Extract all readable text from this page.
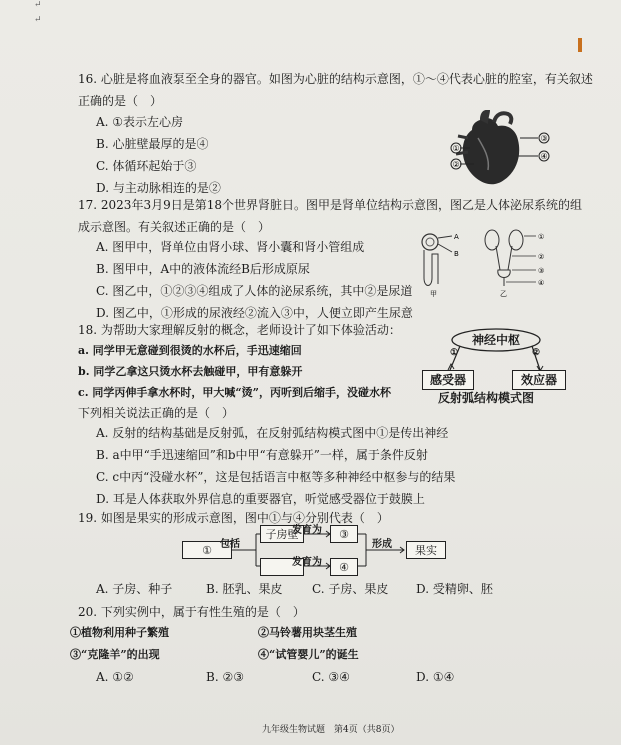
↵
↵
16. 心脏是将血液泵至全身的器官。如图为心脏的结构示意图，①～④代表心脏的腔室，有关叙述
正确的是（　）
A. ①表示左心房
B. 心脏壁最厚的是④
C. 体循环起始于③
D. 与主动脉相连的是②
③
④
①
②
17. 2023年3月9日是第18个世界肾脏日。图甲是肾单位结构示意图，图乙是人体泌尿系统的组
成示意图。有关叙述正确的是（　）
A. 图甲中，肾单位由肾小球、肾小囊和肾小管组成
B. 图甲中，A中的液体流经B后形成原尿
C. 图乙中，①②③④组成了人体的泌尿系统，其中②是尿道
D. 图乙中，①形成的尿液经②流入③中，人便立即产生尿意
A
B
甲
①
②
③
④
乙
18. 为帮助大家理解反射的概念，老师设计了如下体验活动：
a. 同学甲无意碰到很烫的水杯后，手迅速缩回
b. 同学乙拿这只烫水杯去触碰甲，甲有意躲开
c. 同学丙伸手拿水杯时，甲大喊“烫”，丙听到后缩手，没碰水杯
下列相关说法正确的是（　）
A. 反射的结构基础是反射弧，在反射弧结构模式图中①是传出神经
B. a中甲“手迅速缩回”和b中甲“有意躲开”一样，属于条件反射
C. c中丙“没碰水杯”，这是包括语言中枢等多种神经中枢参与的结果
D. 耳是人体获取外界信息的重要器官，听觉感受器位于鼓膜上
神经中枢
①	②
感受器	效应器
反射弧结构模式图
19. 如图是果实的形成示意图，图中①与④分别代表（　）
① 包括
子房壁
发育为
发育为
③
④
形成	果实
A. 子房、种子	B. 胚乳、果皮 C. 子房、果皮 D. 受精卵、胚
20. 下列实例中，属于有性生殖的是（　）
①植物利用种子繁殖	②马铃薯用块茎生殖
③“克隆羊”的出现	④“试管婴儿”的诞生
A. ①②	B. ②③	C. ③④	D. ①④
九年级生物试题　第4页（共8页）
